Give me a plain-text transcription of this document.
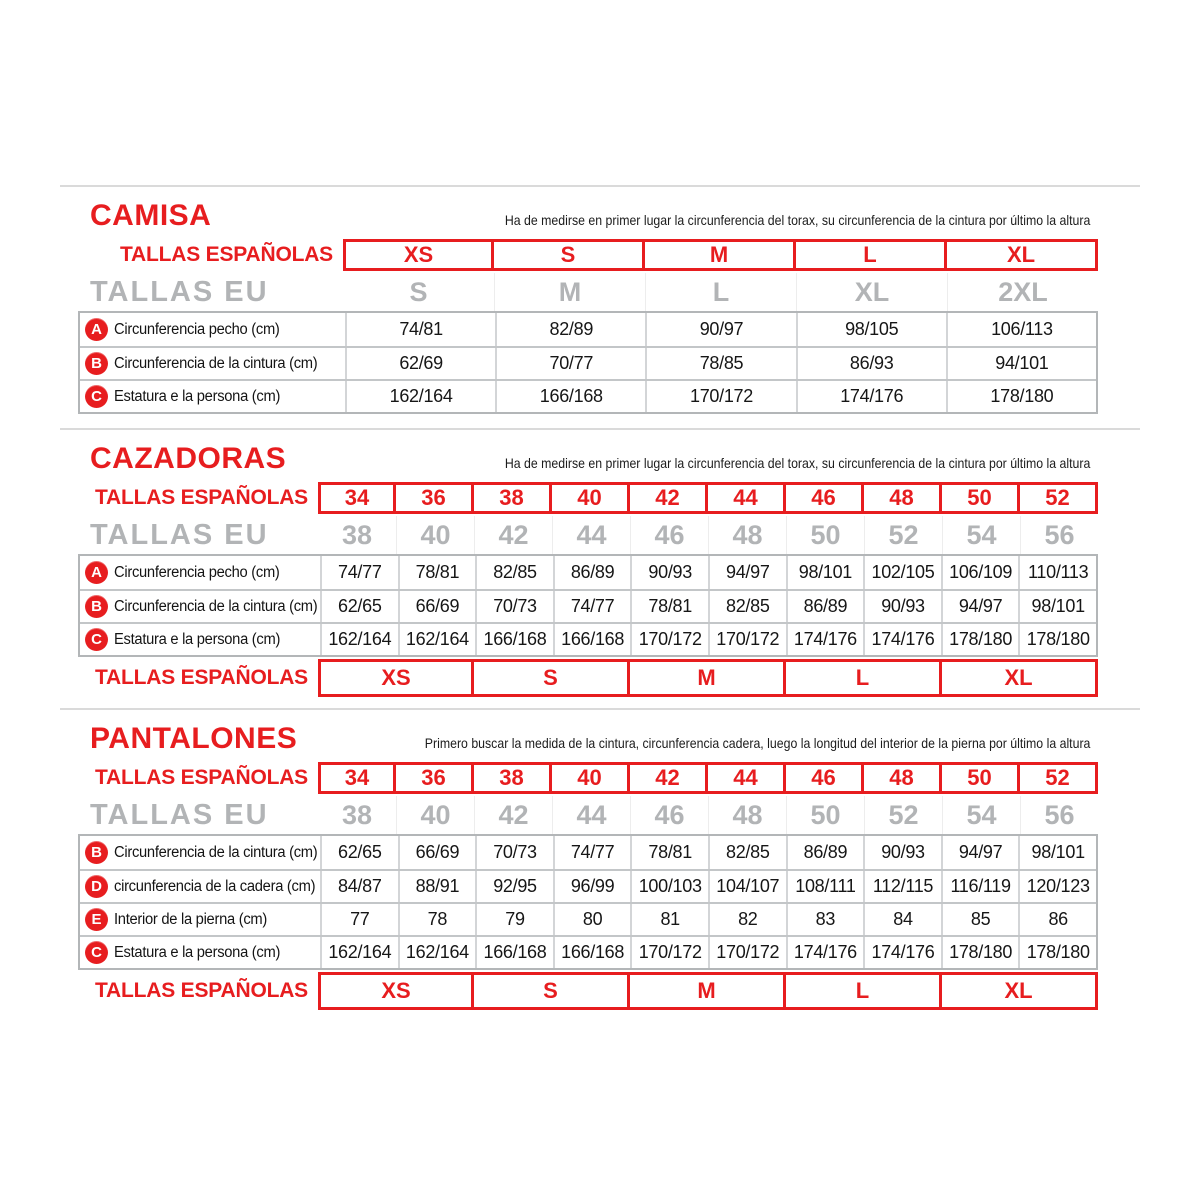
CAMISA	Ha de medirse en primer lugar la circunferencia del torax, su circunferencia de la cintura por último la altura
TALLAS ESPAÑOLAS	XS	S	M	L	XL
TALLAS EU	S	M	L	XL	2XL
A Circunferencia pecho (cm)	74/81	82/89	90/97	98/105	106/113
B Circunferencia de la cintura (cm)	62/69	70/77	78/85	86/93	94/101
C Estatura e la persona (cm)	162/164	166/168	170/172	174/176	178/180
CAZADORAS	Ha de medirse en primer lugar la circunferencia del torax, su circunferencia de la cintura por último la altura
TALLAS ESPAÑOLAS	34	36	38	40	42	44	46	48	50	52
TALLAS EU	38	40	42	44	46	48	50	52	54	56
A Circunferencia pecho (cm)	74/77	78/81	82/85	86/89	90/93	94/97	98/101	102/105 106/109 110/113
B Circunferencia de la cintura (cm)	62/65	66/69	70/73	74/77	78/81	82/85	86/89	90/93	94/97	98/101
C Estatura e la persona (cm)	162/164 162/164 166/168 166/168 170/172 170/172 174/176 174/176 178/180 178/180
TALLAS ESPAÑOLAS	XS	S	M	L	XL
PANTALONES	Primero buscar la medida de la cintura, circunferencia cadera, luego la longitud del interior de la pierna por último la altura
TALLAS ESPAÑOLAS	34	36	38	40	42	44	46	48	50	52
TALLAS EU	38	40	42	44	46	48	50	52	54	56
B Circunferencia de la cintura (cm)	62/65	66/69	70/73	74/77	78/81	82/85	86/89	90/93	94/97	98/101
D circunferencia de la cadera (cm)	84/87	88/91	92/95	96/99	100/103 104/107 108/111 112/115 116/119 120/123
E Interior de la pierna (cm)	77	78	79	80	81	82	83	84	85	86
C Estatura e la persona (cm)	162/164 162/164 166/168 166/168 170/172 170/172 174/176 174/176 178/180 178/180
TALLAS ESPAÑOLAS	XS	S	M	L	XL
